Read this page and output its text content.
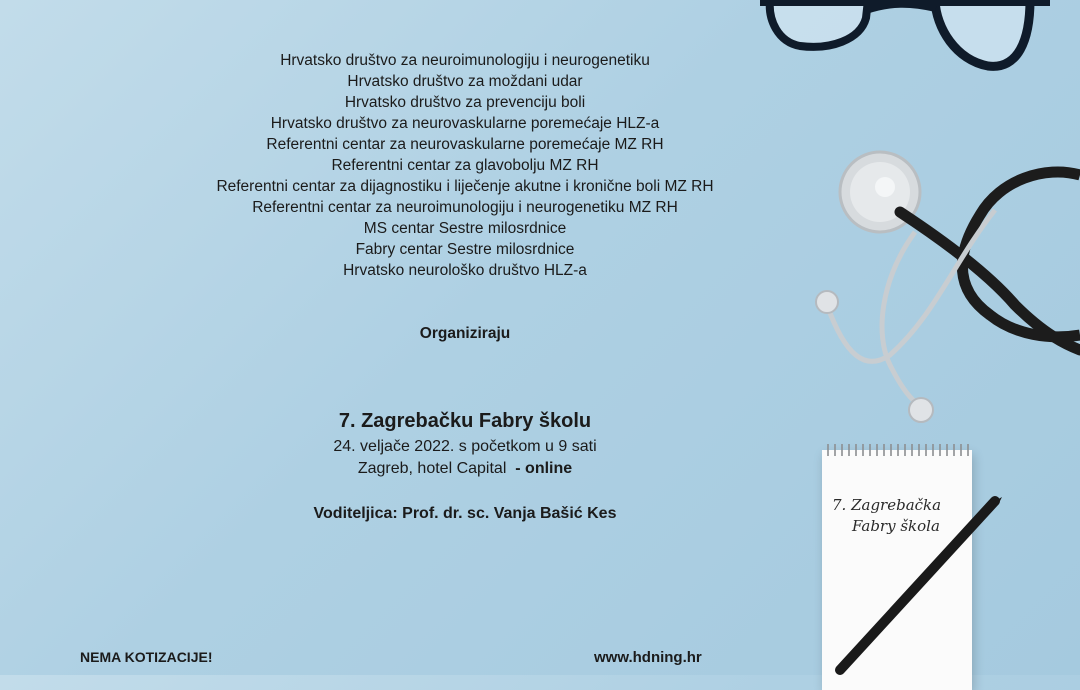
7. Zagrebačka
Fabry škola
Hrvatsko društvo za neuroimunologiju i neurogenetiku
Hrvatsko društvo za moždani udar
Hrvatsko društvo za prevenciju boli
Hrvatsko društvo za neurovaskularne poremećaje HLZ-a
Referentni centar za neurovaskularne poremećaje MZ RH
Referentni centar za glavobolju MZ RH
Referentni centar za dijagnostiku i liječenje akutne i kronične boli MZ RH
Referentni centar za neuroimunologiju i neurogenetiku MZ RH
MS centar Sestre milosrdnice
Fabry centar Sestre milosrdnice
Hrvatsko neurološko društvo HLZ-a
Organiziraju
7. Zagrebačku Fabry školu
24. veljače 2022. s početkom u 9 sati
Zagreb, hotel Capital - online
Voditeljica: Prof. dr. sc. Vanja Bašić Kes
NEMA KOTIZACIJE!	www.hdning.hr
